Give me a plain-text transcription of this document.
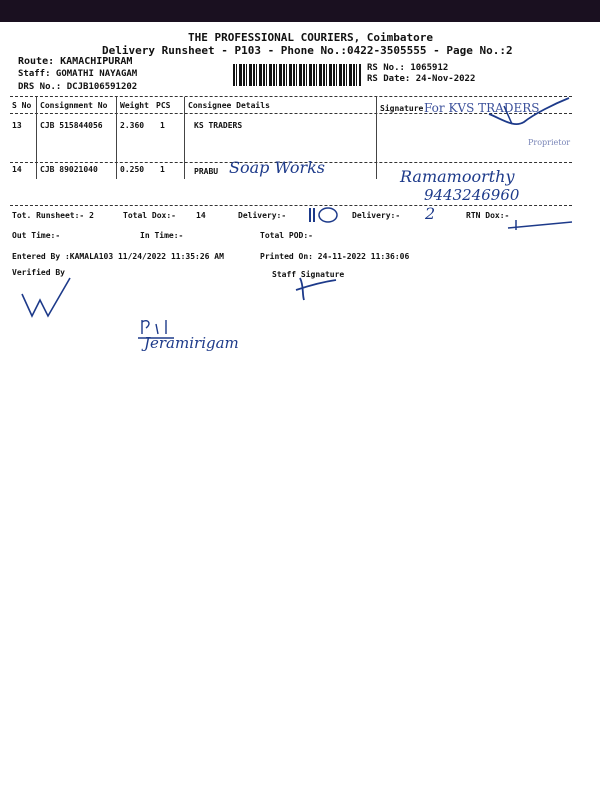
THE PROFESSIONAL COURIERS, Coimbatore
Delivery Runsheet - P103 - Phone No.:0422-3505555 - Page No.:2
Route: KAMACHIPURAM
Staff: GOMATHI NAYAGAM
DRS No.: DCJB106591202
RS No.: 1065912
RS Date: 24-Nov-2022
S No Consignment No Weight PCS Consignee Details	Signature
13 CJB 515844056 2.360 1	KS TRADERS
For KVS TRADERS
Proprietor
14 CJB 89021040	0.250 1	PRABU Soap Works	Ramamoorthy
9443246960
Tot. Runsheet:- 2	Total Dox:-	14	Delivery:-	Delivery:-	RTN Dox:-
2
Out Time:-	In Time:-	Total POD:-
Entered By :KAMALA103 11/24/2022 11:35:26 AM	Printed On: 24-11-2022 11:36:06
Verified By	Staff Signature
Jeramirigam
